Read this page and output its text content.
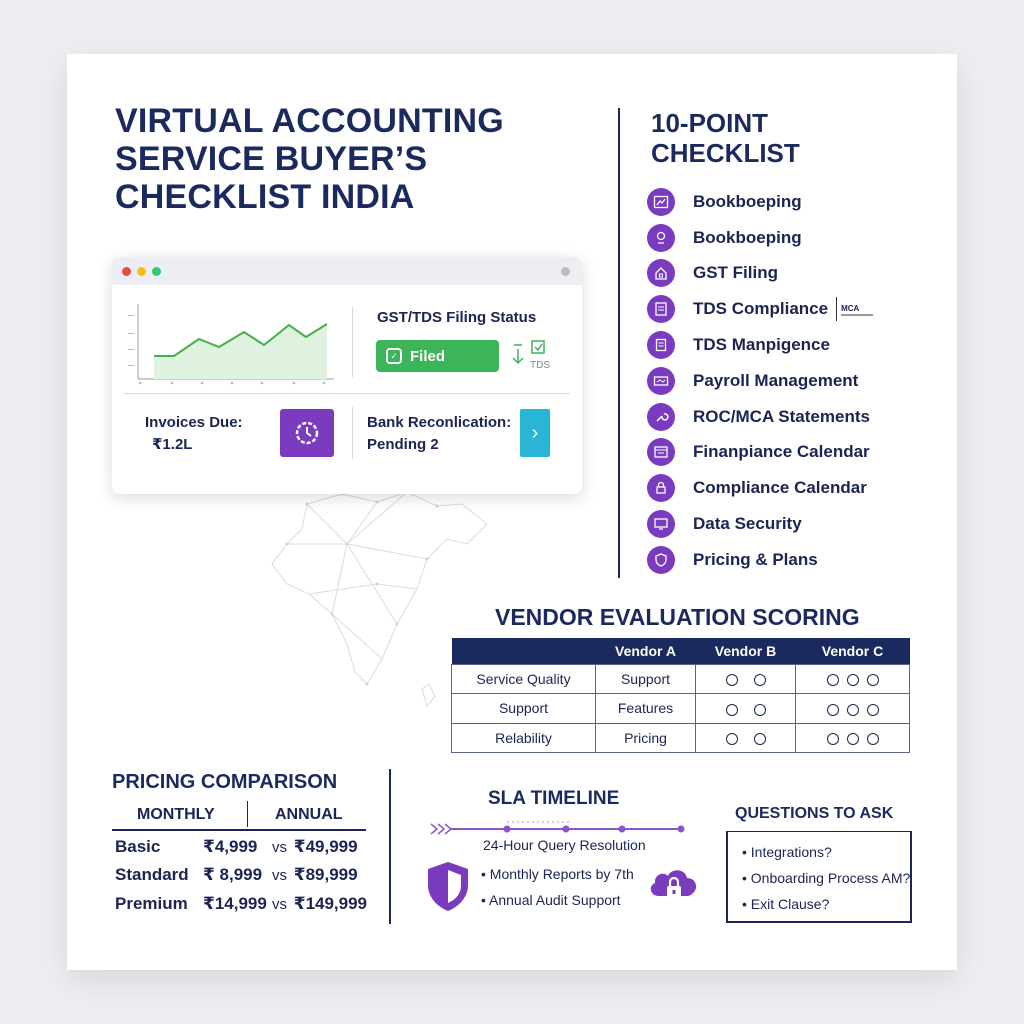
VIRTUAL ACCOUNTING
SERVICE BUYER’S
CHECKLIST INDIA
GST/TDS Filing Status
✓ Filed
TDS
Invoices Due:
₹1.2L
Bank Reconlication:
Pending 2
›
10-POINT
CHECKLIST
Bookboeping
Bookboeping
GST Filing
TDS Compliance MCA
TDS Manpigence
Payroll Management
ROC/MCA Statements
Finanpiance Calendar
Compliance Calendar
Data Security
Pricing & Plans
VENDOR EVALUATION SCORING
	Vendor A	Vendor B	Vendor C
Service Quality	Support		
Support	Features		
Relability	Pricing		
PRICING COMPARISON
MONTHLY	ANNUAL
Basic	₹4,999 vs ₹49,999
Standard ₹ 8,999 vs ₹89,999
Premium ₹14,999 vs ₹149,999
SLA TIMELINE
24-Hour Query Resolution
• Monthly Reports by 7th
• Annual Audit Support
QUESTIONS TO ASK
• Integrations?
• Onboarding Process AM?
• Exit Clause?
